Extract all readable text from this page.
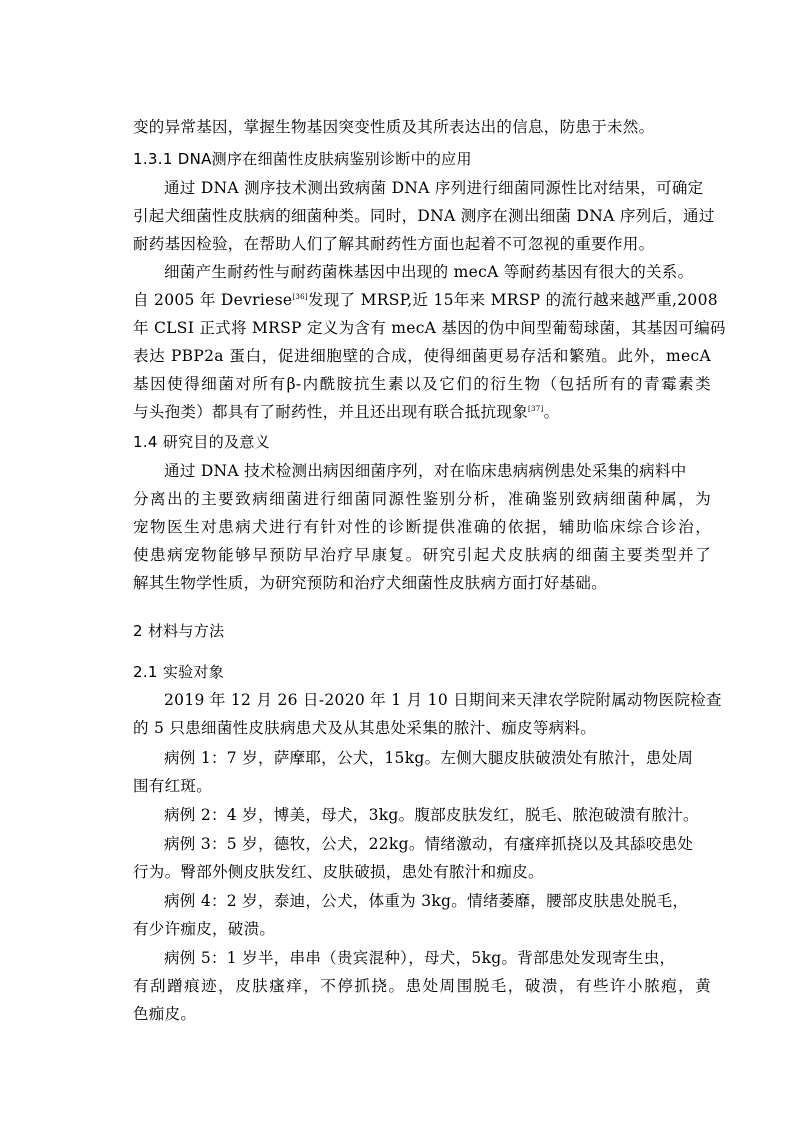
变的异常基因，掌握生物基因突变性质及其所表达出的信息，防患于未然。
1.3.1 DNA测序在细菌性皮肤病鉴别诊断中的应用
通过 DNA 测序技术测出致病菌 DNA 序列进行细菌同源性比对结果，可确定
引起犬细菌性皮肤病的细菌种类。同时，DNA 测序在测出细菌 DNA 序列后，通过
耐药基因检验，在帮助人们了解其耐药性方面也起着不可忽视的重要作用。
细菌产生耐药性与耐药菌株基因中出现的 mecA 等耐药基因有很大的关系。
自 2005 年 Devriese[36]发现了 MRSP,近 15年来 MRSP 的流行越来越严重,2008
年 CLSI 正式将 MRSP 定义为含有 mecA 基因的伪中间型葡萄球菌，其基因可编码
表达 PBP2a 蛋白，促进细胞壁的合成，使得细菌更易存活和繁殖。此外，mecA
基因使得细菌对所有β-内酰胺抗生素以及它们的衍生物（包括所有的青霉素类
与头孢类）都具有了耐药性，并且还出现有联合抵抗现象[37]。
1.4 研究目的及意义
通过 DNA 技术检测出病因细菌序列，对在临床患病病例患处采集的病料中
分离出的主要致病细菌进行细菌同源性鉴别分析，准确鉴别致病细菌种属，为
宠物医生对患病犬进行有针对性的诊断提供准确的依据，辅助临床综合诊治，
使患病宠物能够早预防早治疗早康复。研究引起犬皮肤病的细菌主要类型并了
解其生物学性质，为研究预防和治疗犬细菌性皮肤病方面打好基础。
2 材料与方法
2.1 实验对象
2019 年 12 月 26 日-2020 年 1 月 10 日期间来天津农学院附属动物医院检查
的 5 只患细菌性皮肤病患犬及从其患处采集的脓汁、痂皮等病料。
病例 1：7 岁，萨摩耶，公犬，15kg。左侧大腿皮肤破溃处有脓汁，患处周
围有红斑。
病例 2：4 岁，博美，母犬，3kg。腹部皮肤发红，脱毛、脓泡破溃有脓汁。
病例 3：5 岁，德牧，公犬，22kg。情绪激动，有瘙痒抓挠以及其舔咬患处
行为。臀部外侧皮肤发红、皮肤破损，患处有脓汁和痂皮。
病例 4：2 岁，泰迪，公犬，体重为 3kg。情绪萎靡，腰部皮肤患处脱毛，
有少许痂皮，破溃。
病例 5：1 岁半，串串（贵宾混种），母犬，5kg。背部患处发现寄生虫，
有刮蹭痕迹，皮肤瘙痒，不停抓挠。患处周围脱毛，破溃，有些许小脓疱，黄
色痂皮。
